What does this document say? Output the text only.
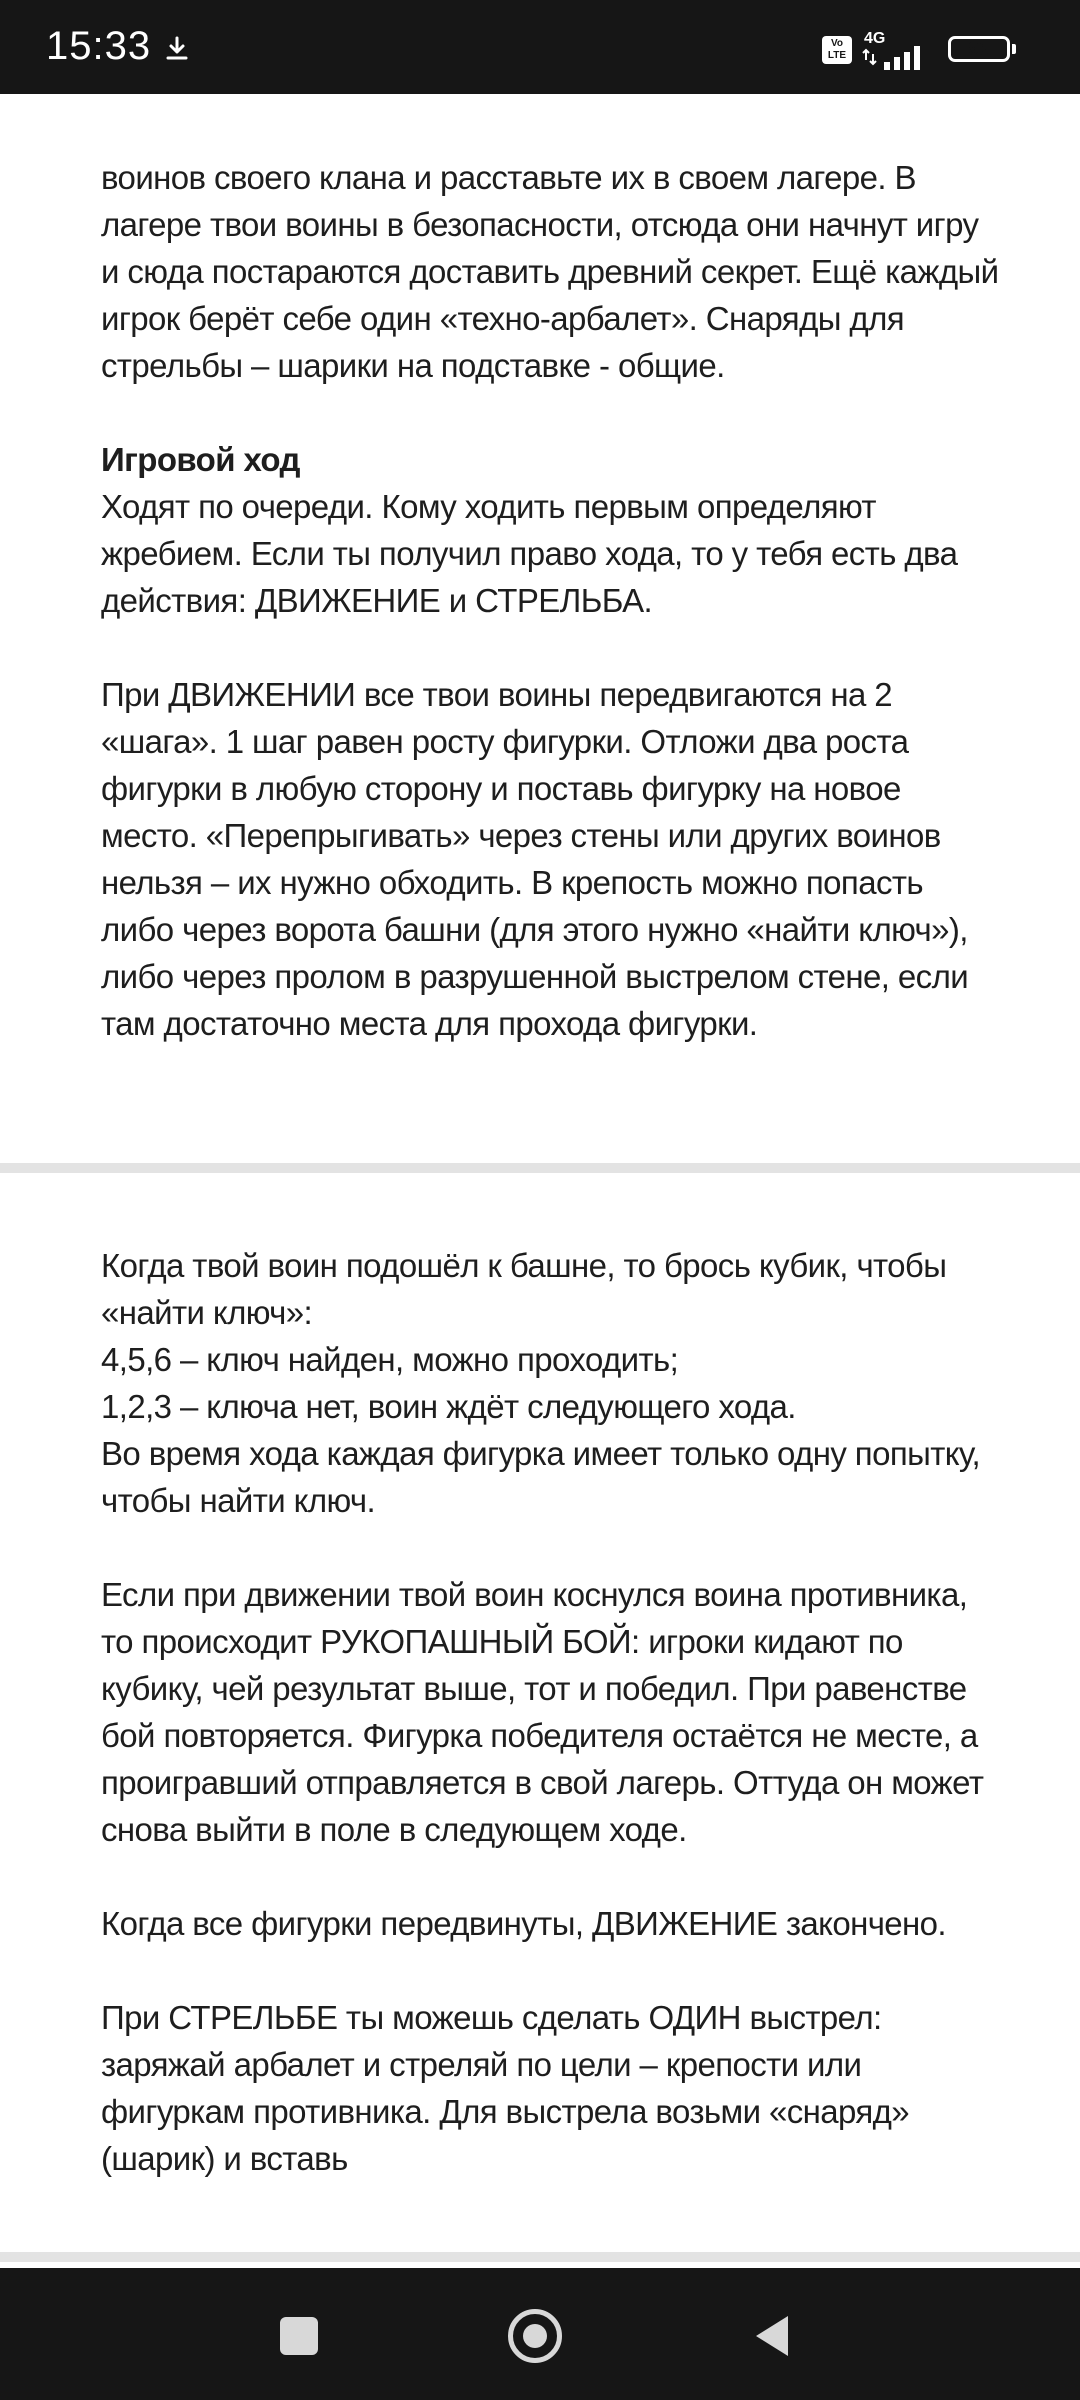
15:33	Vo
LTE
4G
99

воинов своего клана и расставьте их в своем лагере. В лагере твои воины в безопасности, отсюда они начнут игру и сюда постараются доставить древний секрет. Ещё каждый игрок берёт себе один «техно-арбалет». Снаряды для стрельбы – шарики на подставке - общие.

Игровой ход

Ходят по очереди. Кому ходить первым определяют жребием. Если ты получил право хода, то у тебя есть два действия: ДВИЖЕНИЕ и СТРЕЛЬБА.

При ДВИЖЕНИИ все твои воины передвигаются на 2 «шага». 1 шаг равен росту фигурки. Отложи два роста фигурки в любую сторону и поставь фигурку на новое место. «Перепрыгивать» через стены или других воинов нельзя – их нужно обходить. В крепость можно попасть либо через ворота башни (для этого нужно «найти ключ»), либо через пролом в разрушенной выстрелом стене, если там достаточно места для прохода фигурки.

Когда твой воин подошёл к башне, то брось кубик, чтобы «найти ключ»:

4,5,6 – ключ найден, можно проходить;

1,2,3 – ключа нет, воин ждёт следующего хода.

Во время хода каждая фигурка имеет только одну попытку, чтобы найти ключ.

Если при движении твой воин коснулся воина противника, то происходит РУКОПАШНЫЙ БОЙ: игроки кидают по кубику, чей результат выше, тот и победил. При равенстве бой повторяется. Фигурка победителя остаётся не месте, а проигравший отправляется в свой лагерь. Оттуда он может снова выйти в поле в следующем ходе.

Когда все фигурки передвинуты, ДВИЖЕНИЕ закончено.

При СТРЕЛЬБЕ ты можешь сделать ОДИН выстрел: заряжай арбалет и стреляй по цели – крепости или фигуркам противника. Для выстрела возьми «снаряд» (шарик) и вставь
